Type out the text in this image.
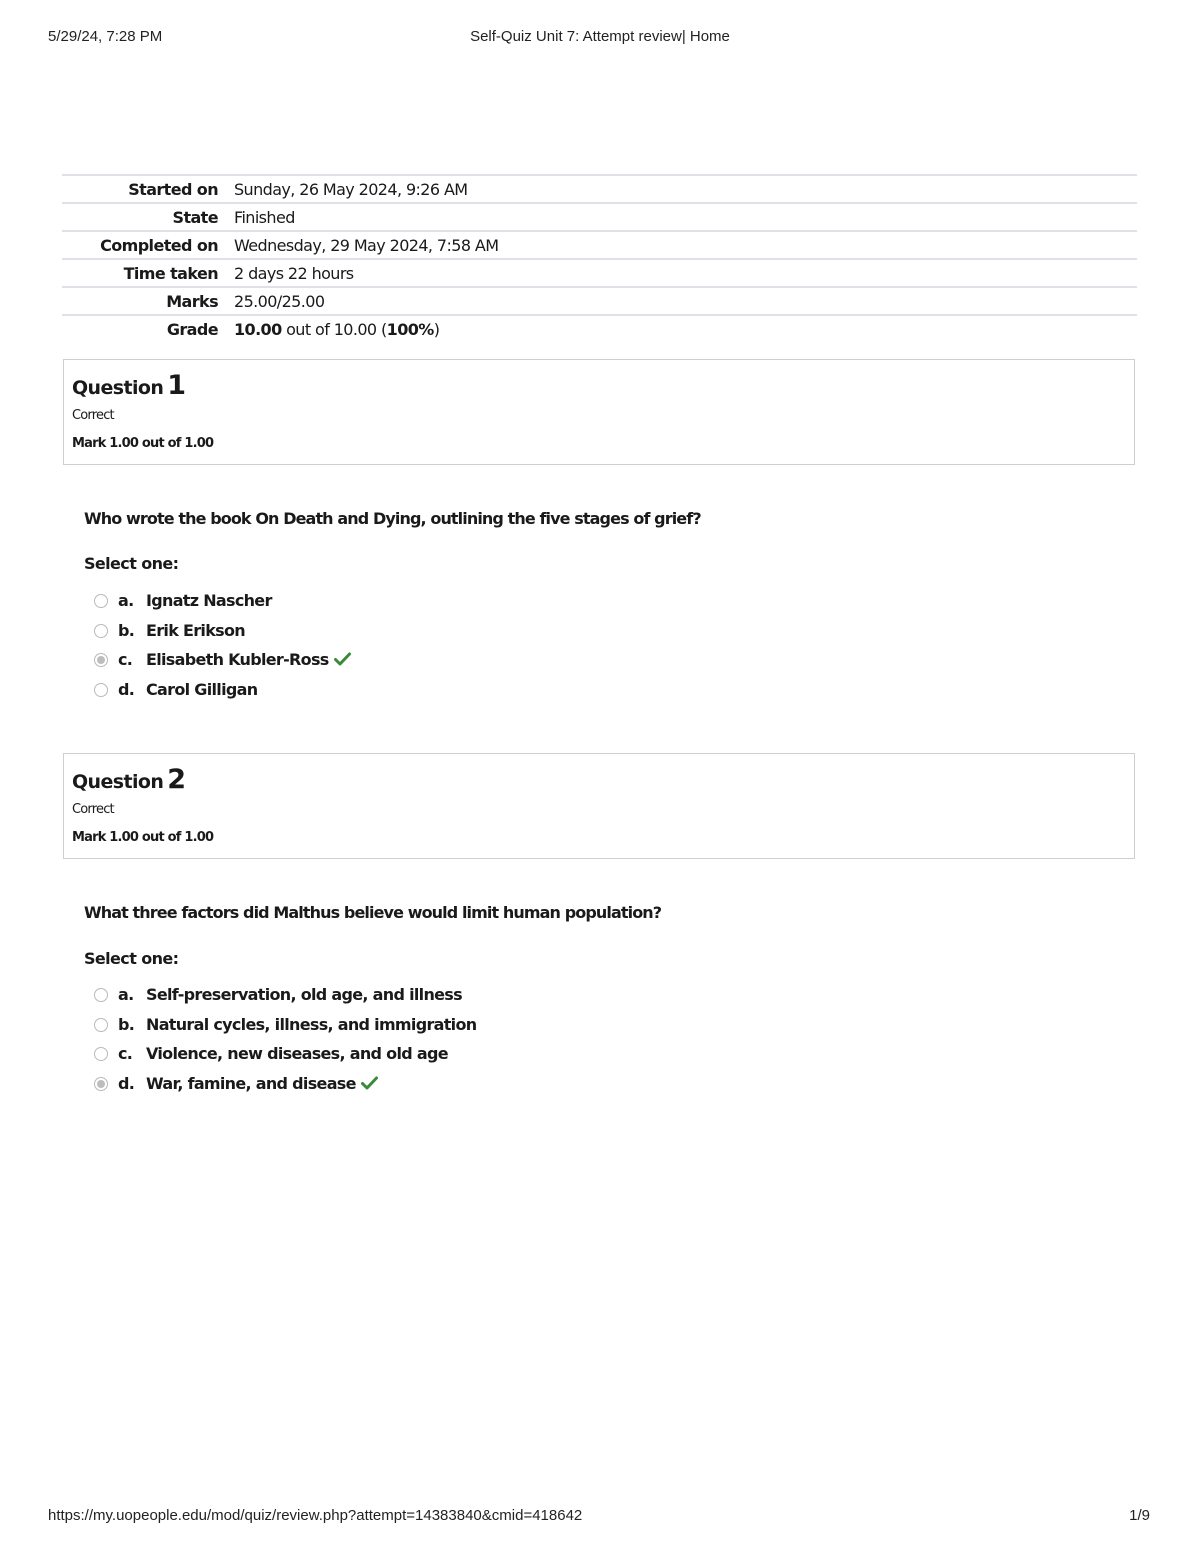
5/29/24, 7:28 PM	Self-Quiz Unit 7: Attempt review| Home
Started on	Sunday, 26 May 2024, 9:26 AM
State	Finished
Completed on	Wednesday, 29 May 2024, 7:58 AM
Time taken	2 days 22 hours
Marks	25.00/25.00
Grade	10.00 out of 10.00 (100%)
Question 1
Correct
Mark 1.00 out of 1.00
Who wrote the book On Death and Dying, outlining the five stages of grief?
Select one:
a. Ignatz Nascher
b. Erik Erikson
c. Elisabeth Kubler-Ross
d. Carol Gilligan
Question 2
Correct
Mark 1.00 out of 1.00
What three factors did Malthus believe would limit human population?
Select one:
a. Self-preservation, old age, and illness
b. Natural cycles, illness, and immigration
c. Violence, new diseases, and old age
d. War, famine, and disease
https://my.uopeople.edu/mod/quiz/review.php?attempt=14383840&cmid=418642	1/9
